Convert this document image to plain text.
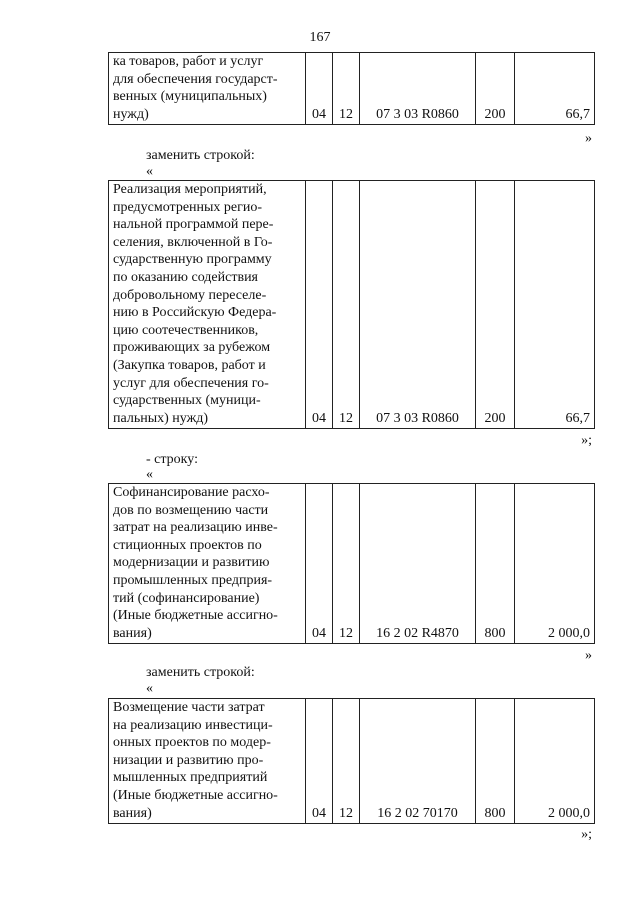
167
ка товаров, работ и услуг
для обеспечения государст-
венных (муниципальных)
нужд)	04	12	07 3 03 R0860	200	66,7
»
заменить строкой:
«
Реализация мероприятий,
предусмотренных регио-
нальной программой пере-
селения, включенной в Го-
сударственную программу
по оказанию содействия
добровольному переселе-
нию в Российскую Федера-
цию соотечественников,
проживающих за рубежом
(Закупка товаров, работ и
услуг для обеспечения го-
сударственных (муници-
пальных) нужд)	04	12	07 3 03 R0860	200	66,7
»;
- строку:
«
Софинансирование расхо-
дов по возмещению части
затрат на реализацию инве-
стиционных проектов по
модернизации и развитию
промышленных предприя-
тий (софинансирование)
(Иные бюджетные ассигно-
вания)	04	12	16 2 02 R4870	800	2 000,0
»
заменить строкой:
«
Возмещение части затрат
на реализацию инвестици-
онных проектов по модер-
низации и развитию про-
мышленных предприятий
(Иные бюджетные ассигно-
вания)	04	12	16 2 02 70170	800	2 000,0
»;
